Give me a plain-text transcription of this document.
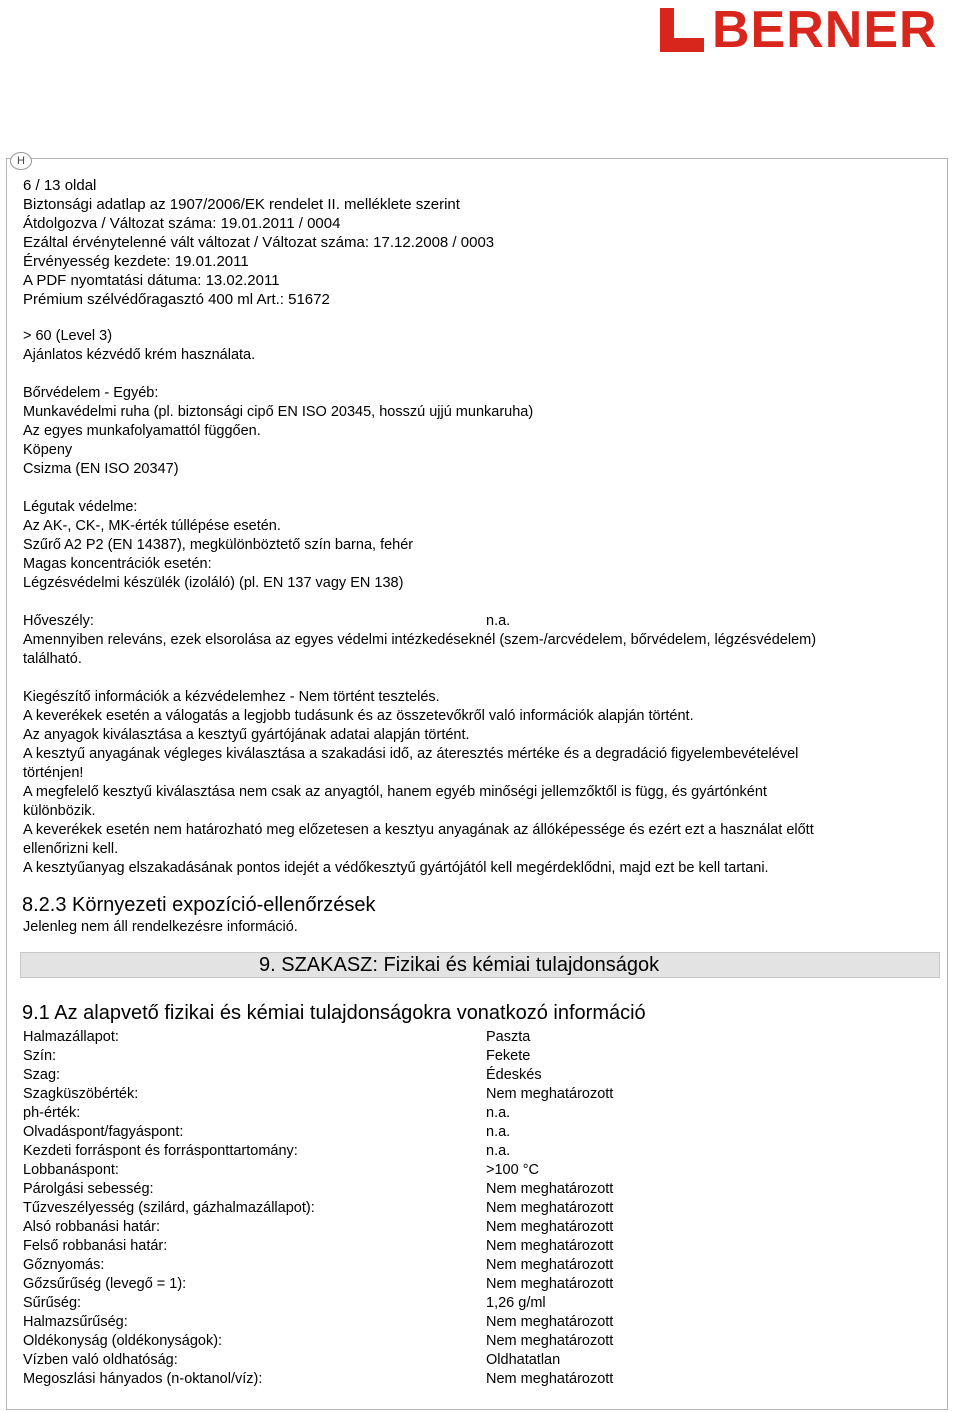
BERNER
H
6 / 13 oldal
Biztonsági adatlap az 1907/2006/EK rendelet II. melléklete szerint
Átdolgozva / Változat száma: 19.01.2011 / 0004
Ezáltal érvénytelenné vált változat / Változat száma: 17.12.2008 / 0003
Érvényesség kezdete: 19.01.2011
A PDF nyomtatási dátuma: 13.02.2011
Prémium szélvédőragasztó 400 ml Art.: 51672
> 60 (Level 3)
Ajánlatos kézvédő krém használata.
Bőrvédelem - Egyéb:
Munkavédelmi ruha (pl. biztonsági cipő EN ISO 20345, hosszú ujjú munkaruha)
Az egyes munkafolyamattól függően.
Köpeny
Csizma (EN ISO 20347)
Légutak védelme:
Az AK-, CK-, MK-érték túllépése esetén.
Szűrő A2 P2 (EN 14387), megkülönböztető szín barna, fehér
Magas koncentrációk esetén:
Légzésvédelmi készülék (izoláló) (pl. EN 137 vagy EN 138)
Hőveszély:	n.a.
Amennyiben releváns, ezek elsorolása az egyes védelmi intézkedéseknél (szem-/arcvédelem, bőrvédelem, légzésvédelem)
található.
Kiegészítő információk a kézvédelemhez - Nem történt tesztelés.
A keverékek esetén a válogatás a legjobb tudásunk és az összetevőkről való információk alapján történt.
Az anyagok kiválasztása a kesztyű gyártójának adatai alapján történt.
A kesztyű anyagának végleges kiválasztása a szakadási idő, az áteresztés mértéke és a degradáció figyelembevételével
történjen!
A megfelelő kesztyű kiválasztása nem csak az anyagtól, hanem egyéb minőségi jellemzőktől is függ, és gyártónként
különbözik.
A keverékek esetén nem határozható meg előzetesen a kesztyu anyagának az állóképessége és ezért ezt a használat előtt
ellenőrizni kell.
A kesztyűanyag elszakadásának pontos idejét a védőkesztyű gyártójától kell megérdeklődni, majd ezt be kell tartani.
8.2.3 Környezeti expozíció-ellenőrzések
Jelenleg nem áll rendelkezésre információ.
9. SZAKASZ: Fizikai és kémiai tulajdonságok
9.1 Az alapvető fizikai és kémiai tulajdonságokra vonatkozó információ
Halmazállapot:	Paszta
Szín:	Fekete
Szag:	Édeskés
Szagküszöbérték:	Nem meghatározott
ph-érték:	n.a.
Olvadáspont/fagyáspont:	n.a.
Kezdeti forráspont és forrásponttartomány:	n.a.
Lobbanáspont:	>100 °C
Párolgási sebesség:	Nem meghatározott
Tűzveszélyesség (szilárd, gázhalmazállapot):	Nem meghatározott
Alsó robbanási határ:	Nem meghatározott
Felső robbanási határ:	Nem meghatározott
Gőznyomás:	Nem meghatározott
Gőzsűrűség (levegő = 1):	Nem meghatározott
Sűrűség:	1,26 g/ml
Halmazsűrűség:	Nem meghatározott
Oldékonyság (oldékonyságok):	Nem meghatározott
Vízben való oldhatóság:	Oldhatatlan
Megoszlási hányados (n-oktanol/víz):	Nem meghatározott
